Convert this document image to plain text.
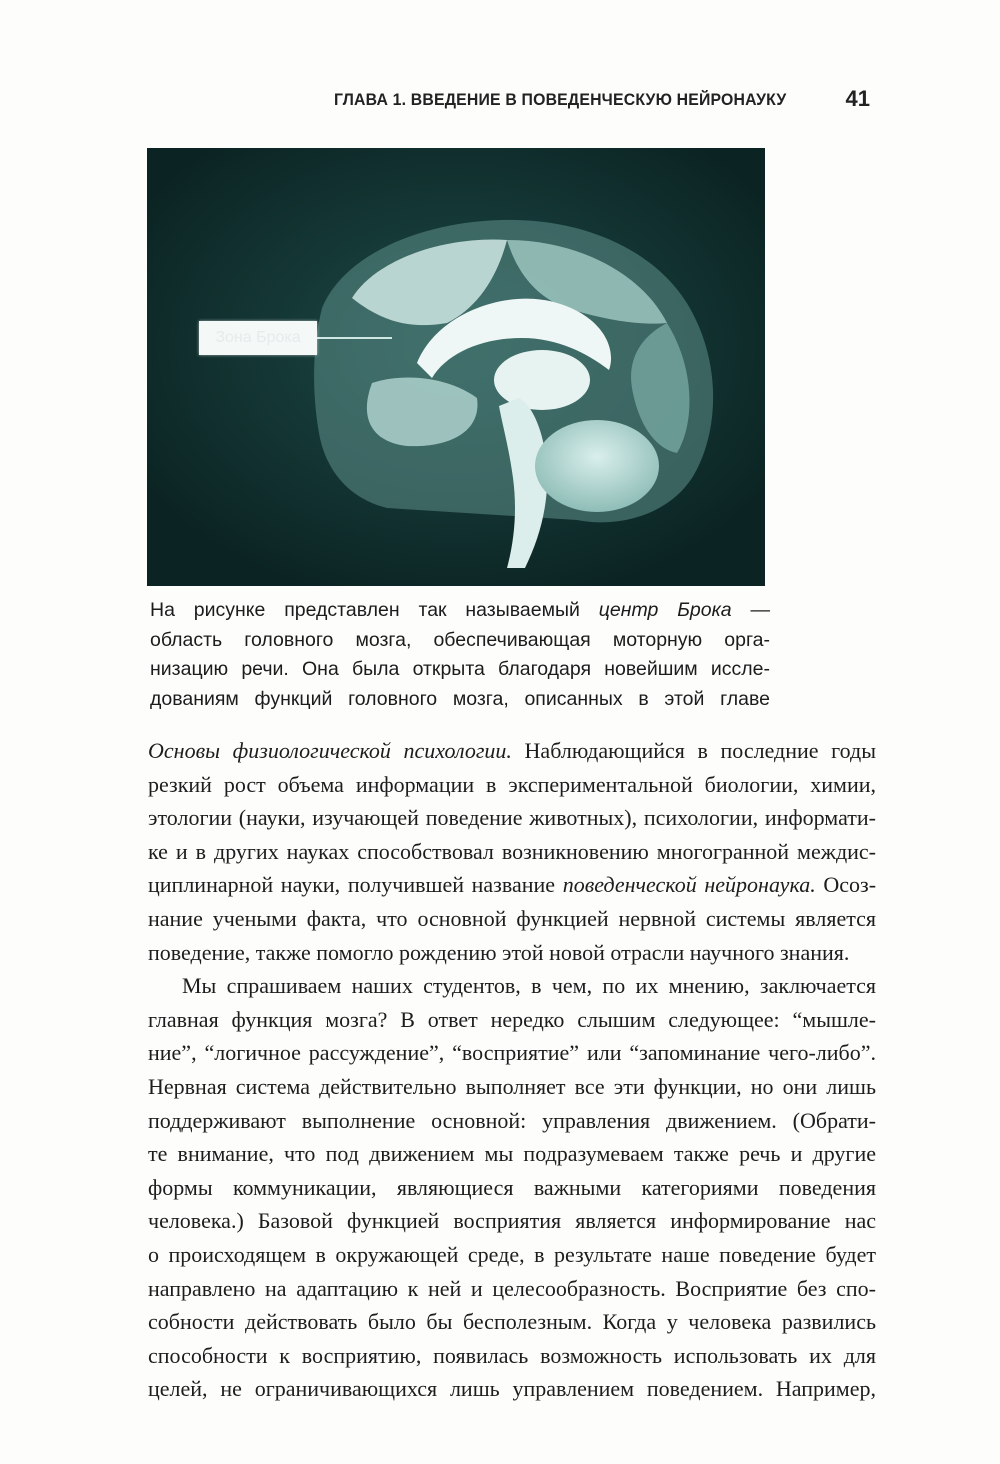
ГЛАВА 1. ВВЕДЕНИЕ В ПОВЕДЕНЧЕСКУЮ НЕЙРОНАУКУ	41
Зона Брока
На рисунке представлен так называемый центр Брока —
область головного мозга, обеспечивающая моторную орга-
низацию речи. Она была открыта благодаря новейшим иссле-
дованиям функций головного мозга, описанных в этой главе
Основы физиологической психологии. Наблюдающийся в последние годы
резкий рост объема информации в экспериментальной биологии, химии,
этологии (науки, изучающей поведение животных), психологии, информати-
ке и в других науках способствовал возникновению многогранной междис-
циплинарной науки, получившей название поведенческой нейронаука. Осоз-
нание учеными факта, что основной функцией нервной системы является
поведение, также помогло рождению этой новой отрасли научного знания.
Мы спрашиваем наших студентов, в чем, по их мнению, заключается
главная функция мозга? В ответ нередко слышим следующее: “мышле-
ние”, “логичное рассуждение”, “восприятие” или “запоминание чего-либо”.
Нервная система действительно выполняет все эти функции, но они лишь
поддерживают выполнение основной: управления движением. (Обрати-
те внимание, что под движением мы подразумеваем также речь и другие
формы коммуникации, являющиеся важными категориями поведения
человека.) Базовой функцией восприятия является информирование нас
о происходящем в окружающей среде, в результате наше поведение будет
направлено на адаптацию к ней и целесообразность. Восприятие без спо-
собности действовать было бы бесполезным. Когда у человека развились
способности к восприятию, появилась возможность использовать их для
целей, не ограничивающихся лишь управлением поведением. Например,
